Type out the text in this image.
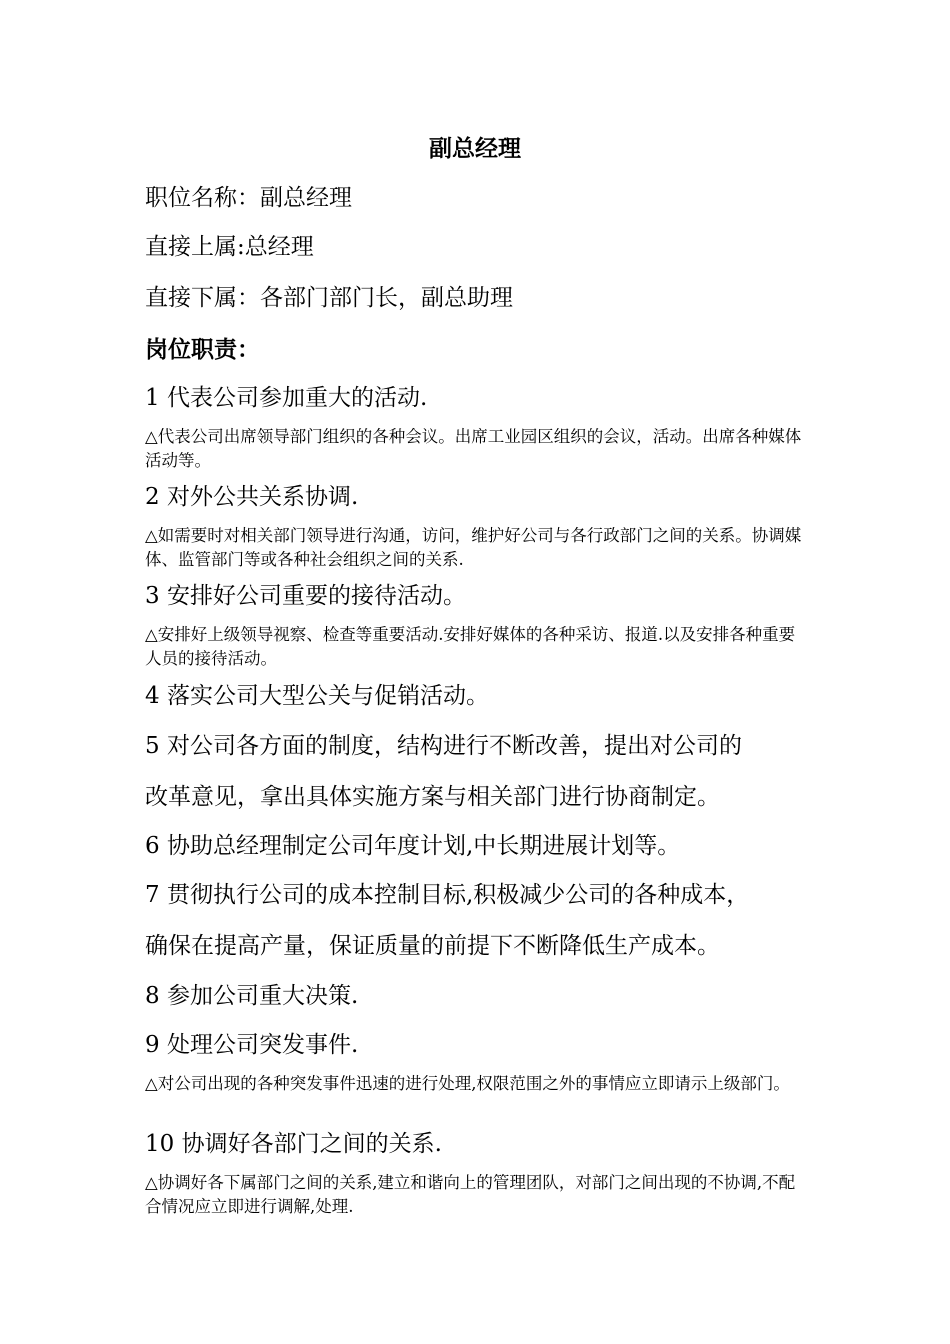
副总经理
职位名称：副总经理
直接上属:总经理
直接下属：各部门部门长，副总助理
岗位职责：
1 代表公司参加重大的活动.
△代表公司出席领导部门组织的各种会议。出席工业园区组织的会议，活动。出席各种媒体活动等。
2 对外公共关系协调.
△如需要时对相关部门领导进行沟通，访问，维护好公司与各行政部门之间的关系。协调媒体、监管部门等或各种社会组织之间的关系.
3 安排好公司重要的接待活动。
△安排好上级领导视察、检查等重要活动.安排好媒体的各种采访、报道.以及安排各种重要人员的接待活动。
4 落实公司大型公关与促销活动。
5 对公司各方面的制度，结构进行不断改善，提出对公司的
改革意见，拿出具体实施方案与相关部门进行协商制定。
6 协助总经理制定公司年度计划,中长期进展计划等。
7 贯彻执行公司的成本控制目标,积极减少公司的各种成本，
确保在提高产量，保证质量的前提下不断降低生产成本。
8 参加公司重大决策.
9 处理公司突发事件.
△对公司出现的各种突发事件迅速的进行处理,权限范围之外的事情应立即请示上级部门。
10 协调好各部门之间的关系.
△协调好各下属部门之间的关系,建立和谐向上的管理团队，对部门之间出现的不协调,不配合情况应立即进行调解,处理.
